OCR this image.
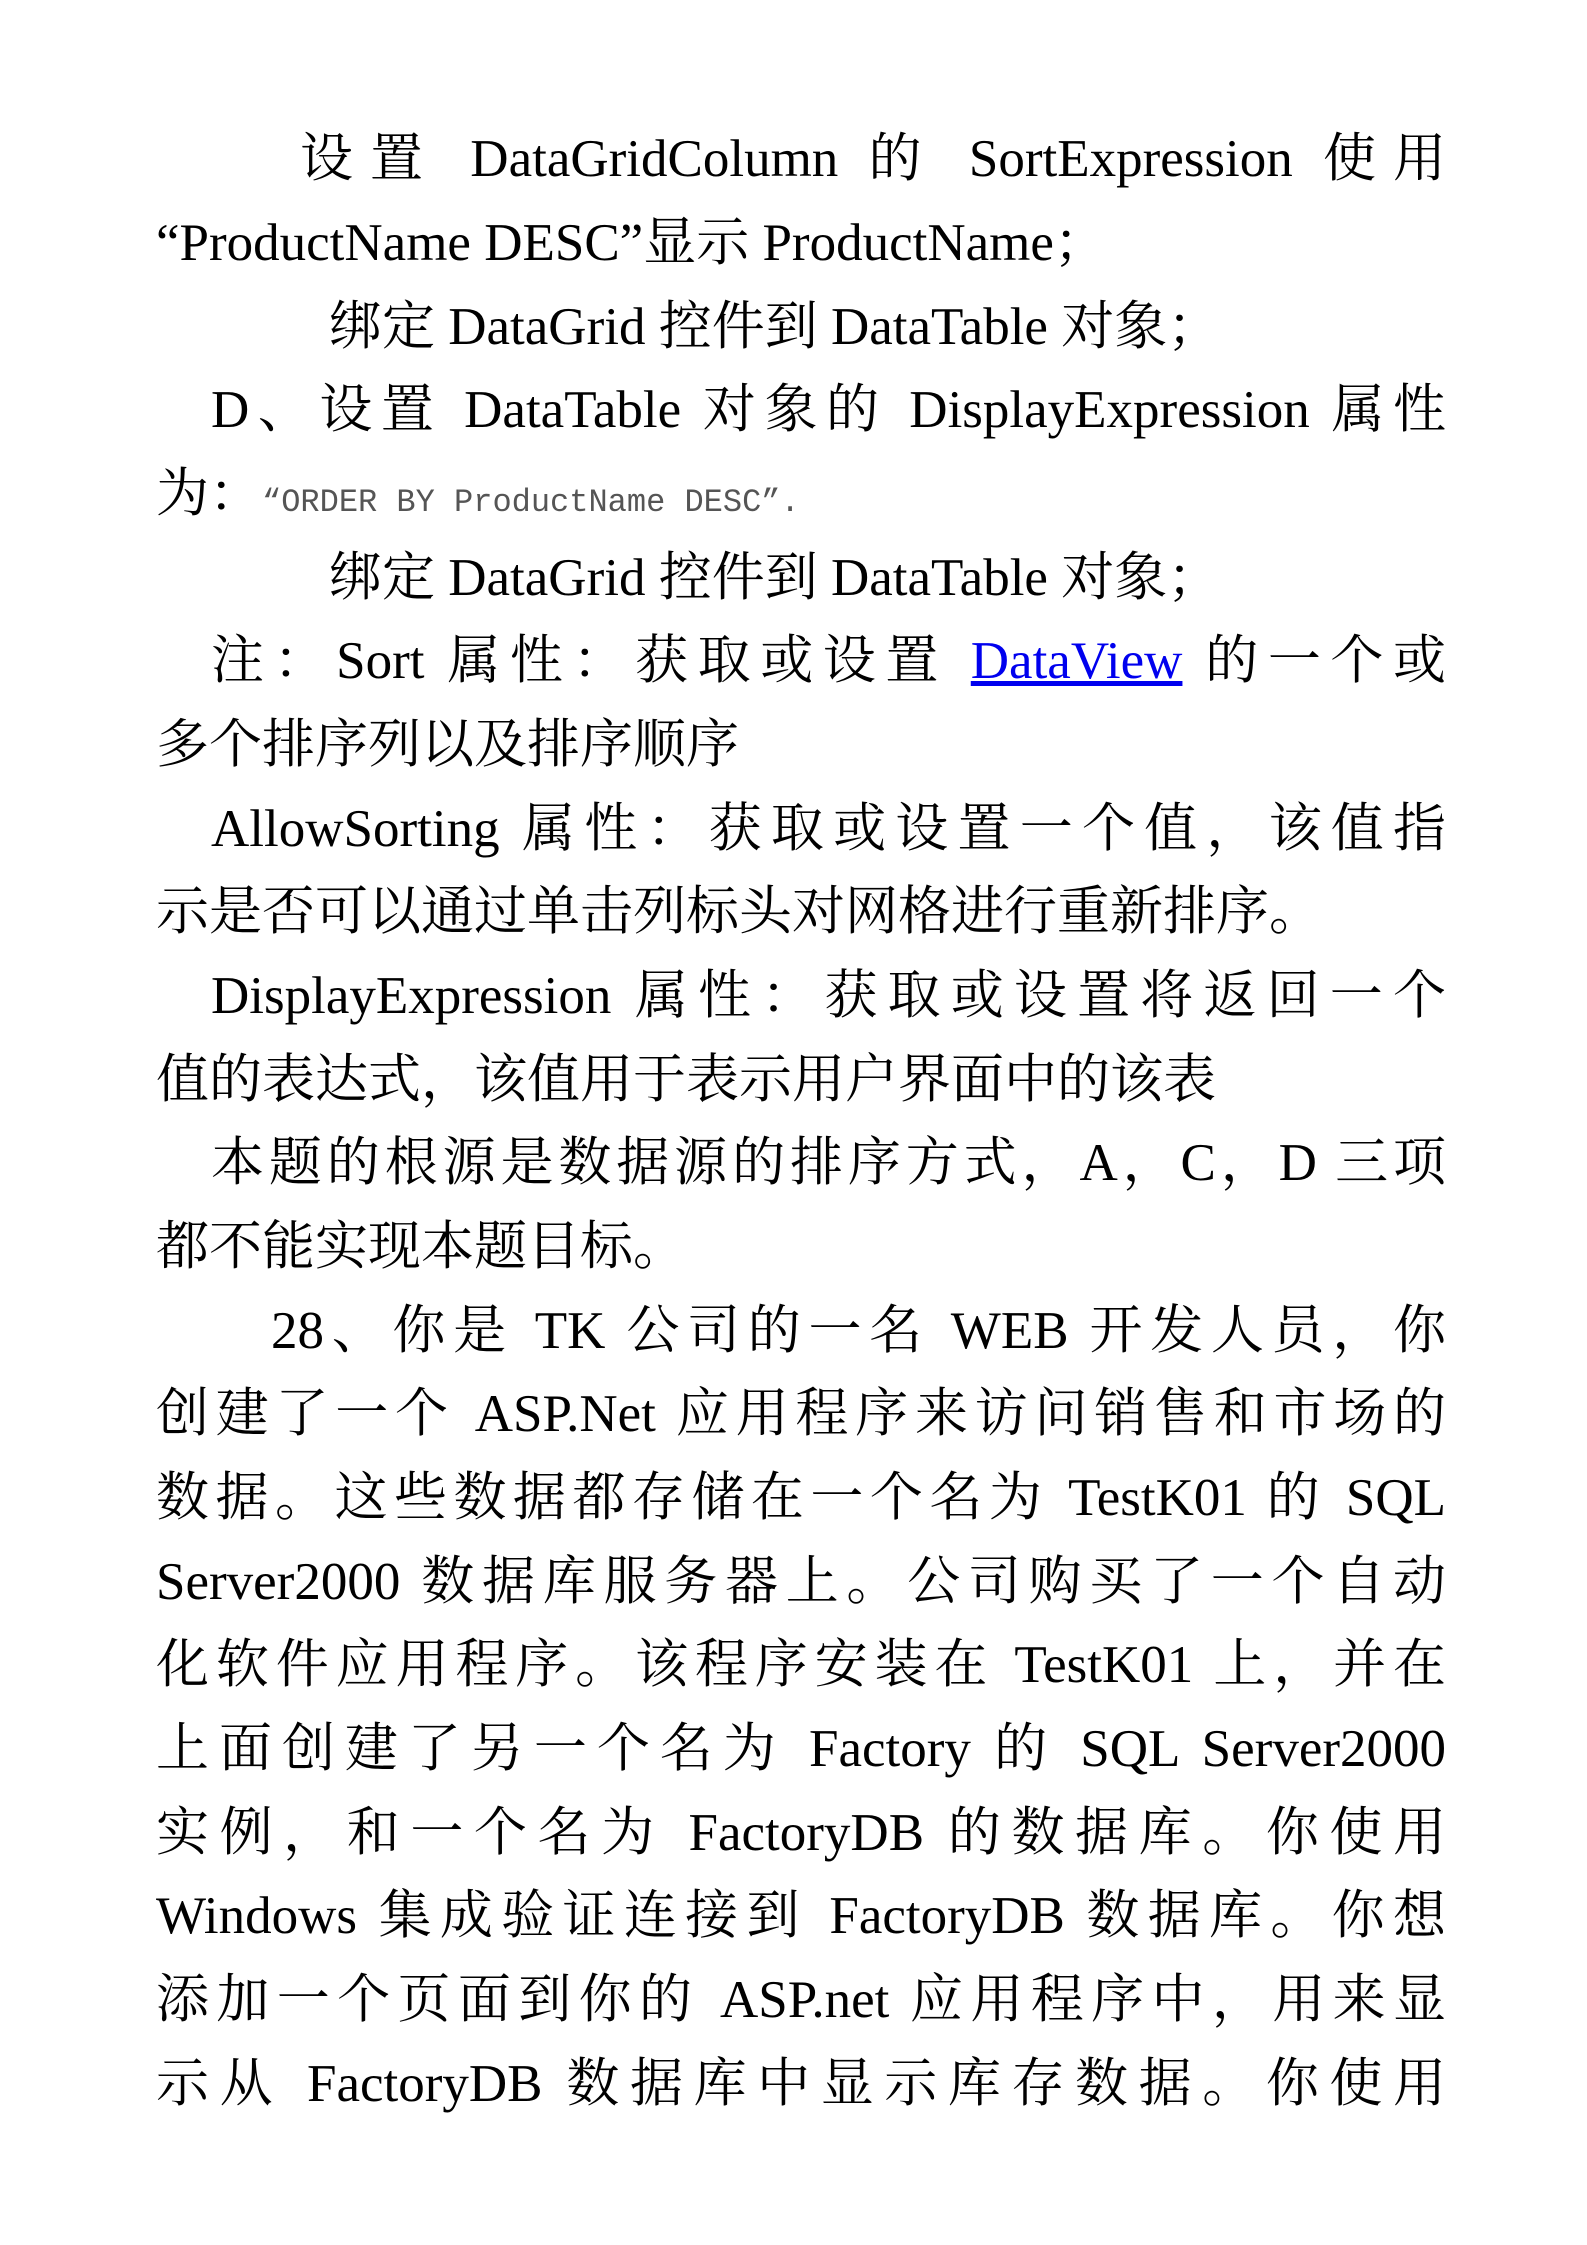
设置 DataGridColumn 的 SortExpression 使用
“ProductName DESC”显示 ProductName；
绑定 DataGrid 控件到 DataTable 对象；
D、设置 DataTable 对象的 DisplayExpression 属性
为：“ORDER BY ProductName DESC”.
绑定 DataGrid 控件到 DataTable 对象；
注：Sort 属性：获取或设置 DataView 的一个或
多个排序列以及排序顺序
AllowSorting 属性：获取或设置一个值，该值指
示是否可以通过单击列标头对网格进行重新排序。
DisplayExpression 属性：获取或设置将返回一个
值的表达式，该值用于表示用户界面中的该表
本题的根源是数据源的排序方式，A，C，D 三项
都不能实现本题目标。
28、你是 TK 公司的一名 WEB 开发人员，你
创建了一个 ASP.Net 应用程序来访问销售和市场的
数据。这些数据都存储在一个名为 TestK01 的 SQL
Server2000 数据库服务器上。公司购买了一个自动
化软件应用程序。该程序安装在 TestK01 上，并在
上面创建了另一个名为 Factory 的 SQL Server2000
实例，和一个名为 FactoryDB 的数据库。你使用
Windows 集成验证连接到 FactoryDB 数据库。你想
添加一个页面到你的 ASP.net 应用程序中，用来显
示从 FactoryDB 数据库中显示库存数据。你使用
